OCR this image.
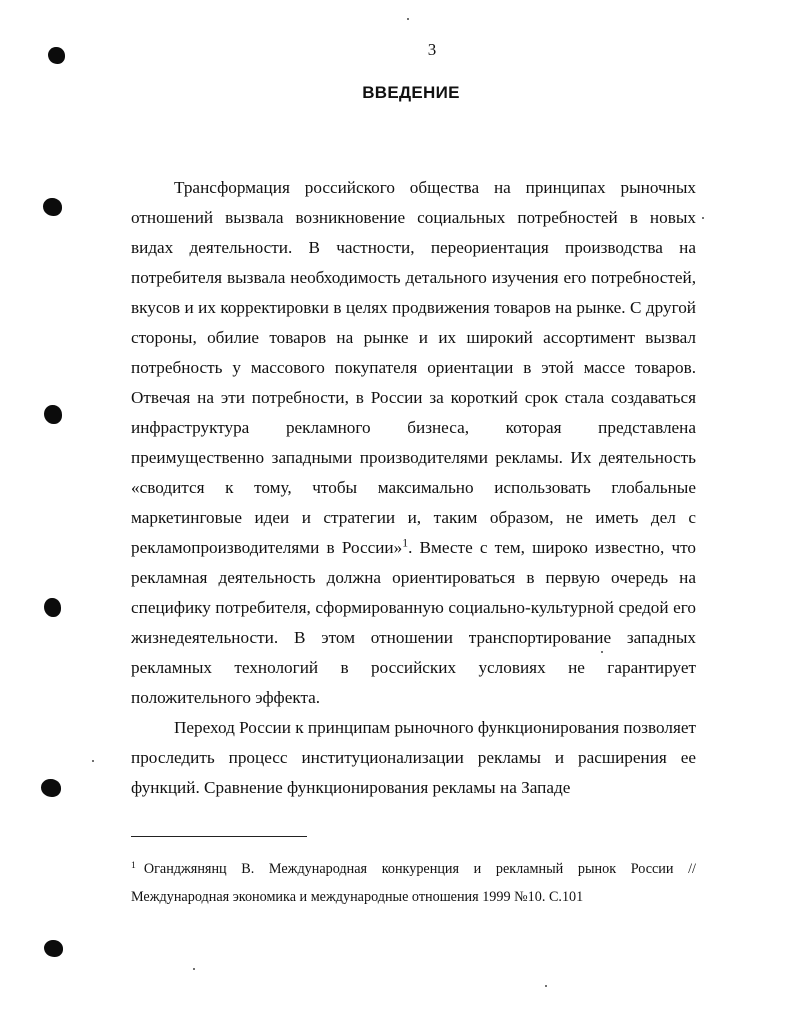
3
ВВЕДЕНИЕ

Трансформация российского общества на принципах рыночных отношений вызвала возникновение социальных потребностей в новых видах деятельности. В частности, переориентация производства на потребителя вызвала необходимость детального изучения его потребностей, вкусов и их корректировки в целях продвижения товаров на рынке. С другой стороны, обилие товаров на рынке и их широкий ассортимент вызвал потребность у массового покупателя ориентации в этой массе товаров. Отвечая на эти потребности, в России за короткий срок стала создаваться инфраструктура рекламного бизнеса, которая представлена преимущественно западными производителями рекламы. Их деятельность «сводится к тому, чтобы максимально использовать глобальные маркетинговые идеи и стратегии и, таким образом, не иметь дел с рекламопроизводителями в России»$^1$. Вместе с тем, широко известно, что рекламная деятельность должна ориентироваться в первую очередь на специфику потребителя, сформированную социально-культурной средой его жизнедеятельности. В этом отношении транспортирование западных рекламных технологий в российских условиях не гарантирует положительного эффекта.

Переход России к принципам рыночного функционирования позволяет проследить процесс институционализации рекламы и расширения ее функций. Сравнение функционирования рекламы на Западе

$^1$ Оганджянянц В. Международная конкуренция и рекламный рынок России // Международная экономика и международные отношения 1999 №10. С.101
